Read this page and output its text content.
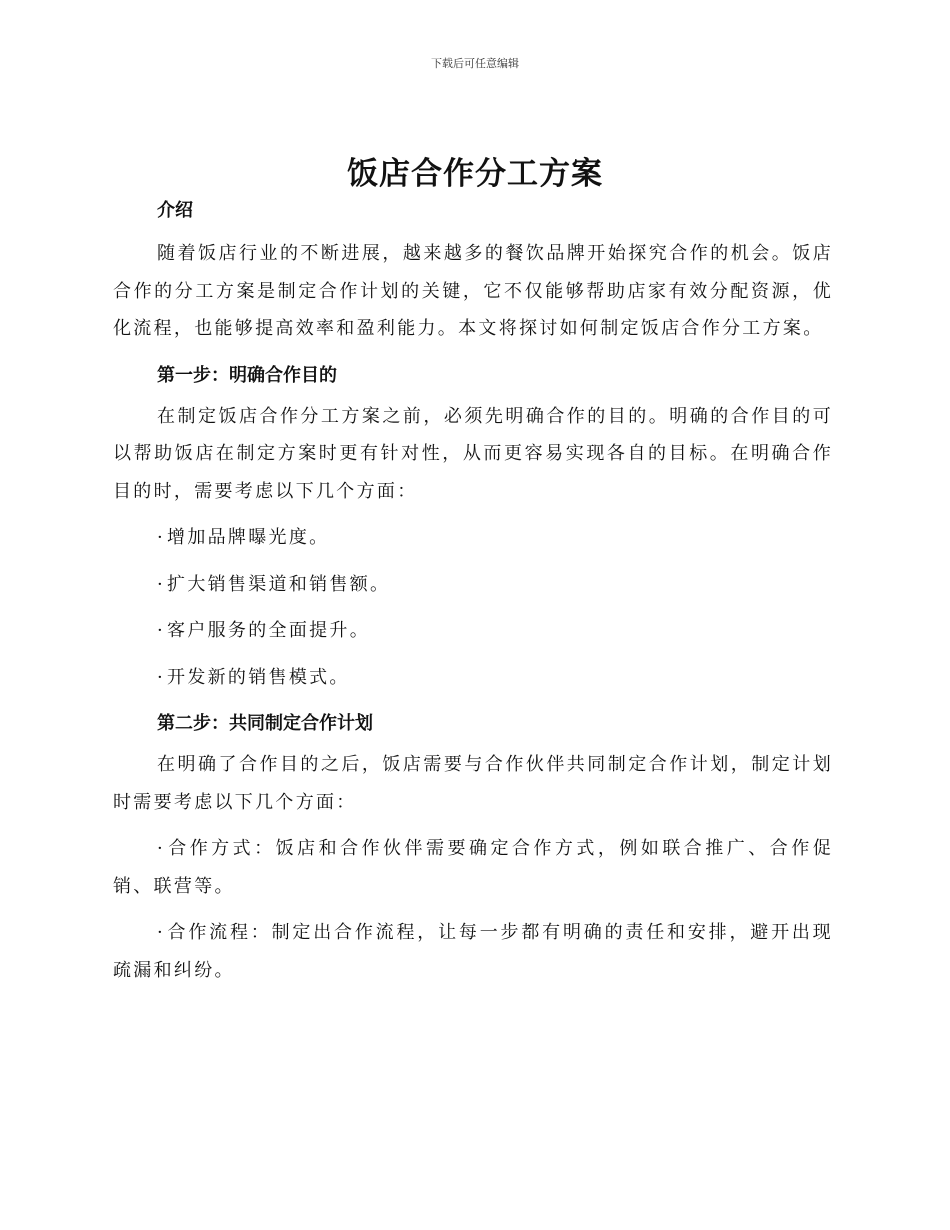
下载后可任意编辑
饭店合作分工方案

介绍

随着饭店行业的不断进展，越来越多的餐饮品牌开始探究合作的机会。饭店合作的分工方案是制定合作计划的关键，它不仅能够帮助店家有效分配资源，优化流程，也能够提高效率和盈利能力。本文将探讨如何制定饭店合作分工方案。

第一步：明确合作目的

在制定饭店合作分工方案之前，必须先明确合作的目的。明确的合作目的可以帮助饭店在制定方案时更有针对性，从而更容易实现各自的目标。在明确合作目的时，需要考虑以下几个方面：

· 增加品牌曝光度。

· 扩大销售渠道和销售额。

· 客户服务的全面提升。

· 开发新的销售模式。

第二步：共同制定合作计划

在明确了合作目的之后，饭店需要与合作伙伴共同制定合作计划，制定计划时需要考虑以下几个方面：

· 合作方式：饭店和合作伙伴需要确定合作方式，例如联合推广、合作促销、联营等。

· 合作流程：制定出合作流程，让每一步都有明确的责任和安排，避开出现疏漏和纠纷。
